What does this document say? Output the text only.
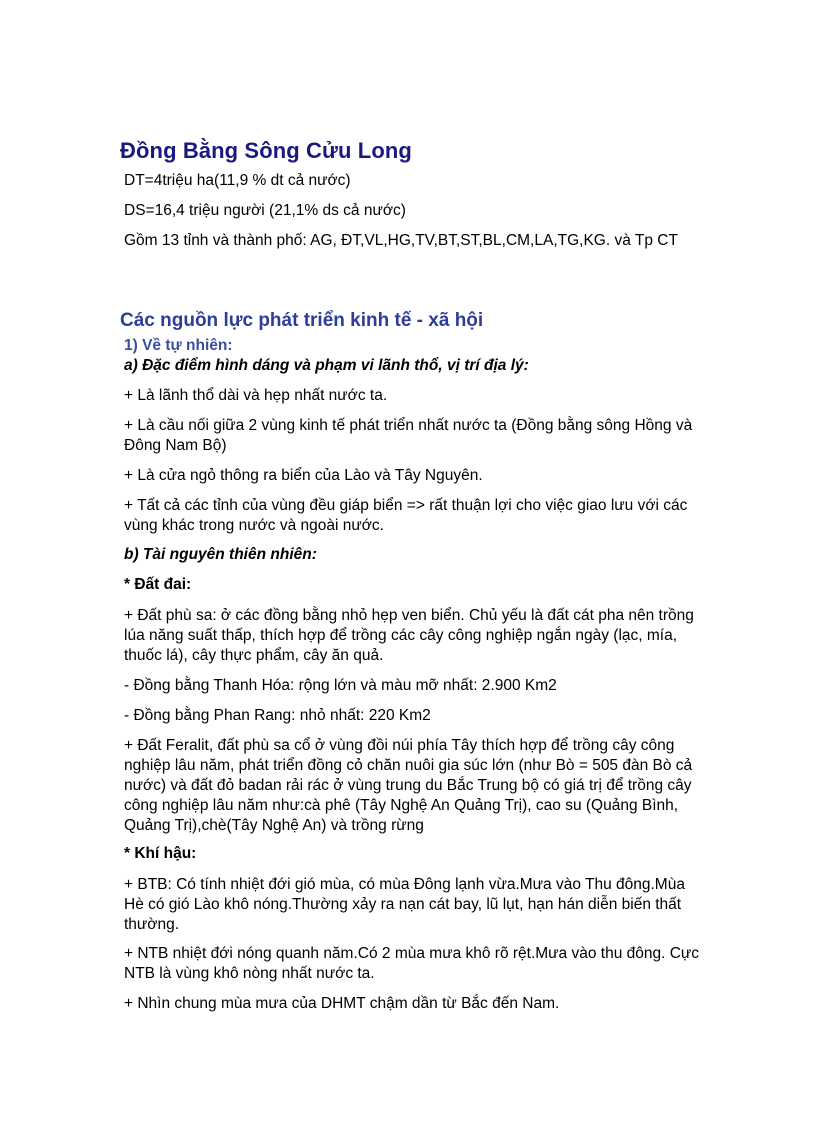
Đồng Bằng Sông Cửu Long

DT=4triệu ha(11,9 % dt cả nước)

DS=16,4 triệu người (21,1% ds cả nước)

Gồm 13 tỉnh và thành phố: AG, ĐT,VL,HG,TV,BT,ST,BL,CM,LA,TG,KG. và Tp CT

Các nguồn lực phát triển kinh tế - xã hội
1) Về tự nhiên:

a) Đặc điểm hình dáng và phạm vi lãnh thổ, vị trí địa lý:

+ Là lãnh thổ dài và hẹp nhất nước ta.

+ Là cầu nối giữa 2 vùng kinh tế phát triển nhất nước ta (Đồng bằng sông Hồng và Đông Nam Bộ)

+ Là cửa ngỏ thông ra biển của Lào và Tây Nguyên.

+ Tất cả các tỉnh của vùng đều giáp biển => rất thuận lợi cho việc giao lưu với các vùng khác trong nước và ngoài nước.

b) Tài nguyên thiên nhiên:

* Đất đai:

+ Đất phù sa: ở các đồng bằng nhỏ hẹp ven biển. Chủ yếu là đất cát pha nên trồng lúa năng suất thấp, thích hợp để trồng các cây công nghiệp ngắn ngày (lạc, mía, thuốc lá), cây thực phẩm, cây ăn quả.

- Đồng bằng Thanh Hóa: rộng lớn và màu mỡ nhất: 2.900 Km2

- Đồng bằng Phan Rang: nhỏ nhất: 220 Km2

+ Đất Feralit, đất phù sa cổ ở vùng đồi núi phía Tây thích hợp để trồng cây công nghiệp lâu năm, phát triển đồng cỏ chăn nuôi gia súc lớn (như Bò = 505 đàn Bò cả nước) và đất đỏ badan rải rác ở vùng trung du Bắc Trung bộ có giá trị để trồng cây công nghiệp lâu năm như:cà phê (Tây Nghệ An Quảng Trị), cao su (Quảng Bình, Quảng Trị),chè(Tây Nghệ An) và trồng rừng

* Khí hậu:

+ BTB: Có tính nhiệt đới gió mùa, có mùa Đông lạnh vừa.Mưa vào Thu đông.Mùa Hè có gió Lào khô nóng.Thường xảy ra nạn cát bay, lũ lụt, hạn hán diễn biến thất thường.

+ NTB nhiệt đới nóng quanh năm.Có 2 mùa mưa khô rõ rệt.Mưa vào thu đông. Cực NTB là vùng khô nòng nhất nước ta.

+ Nhìn chung mùa mưa của DHMT chậm dần từ Bắc đến Nam.
